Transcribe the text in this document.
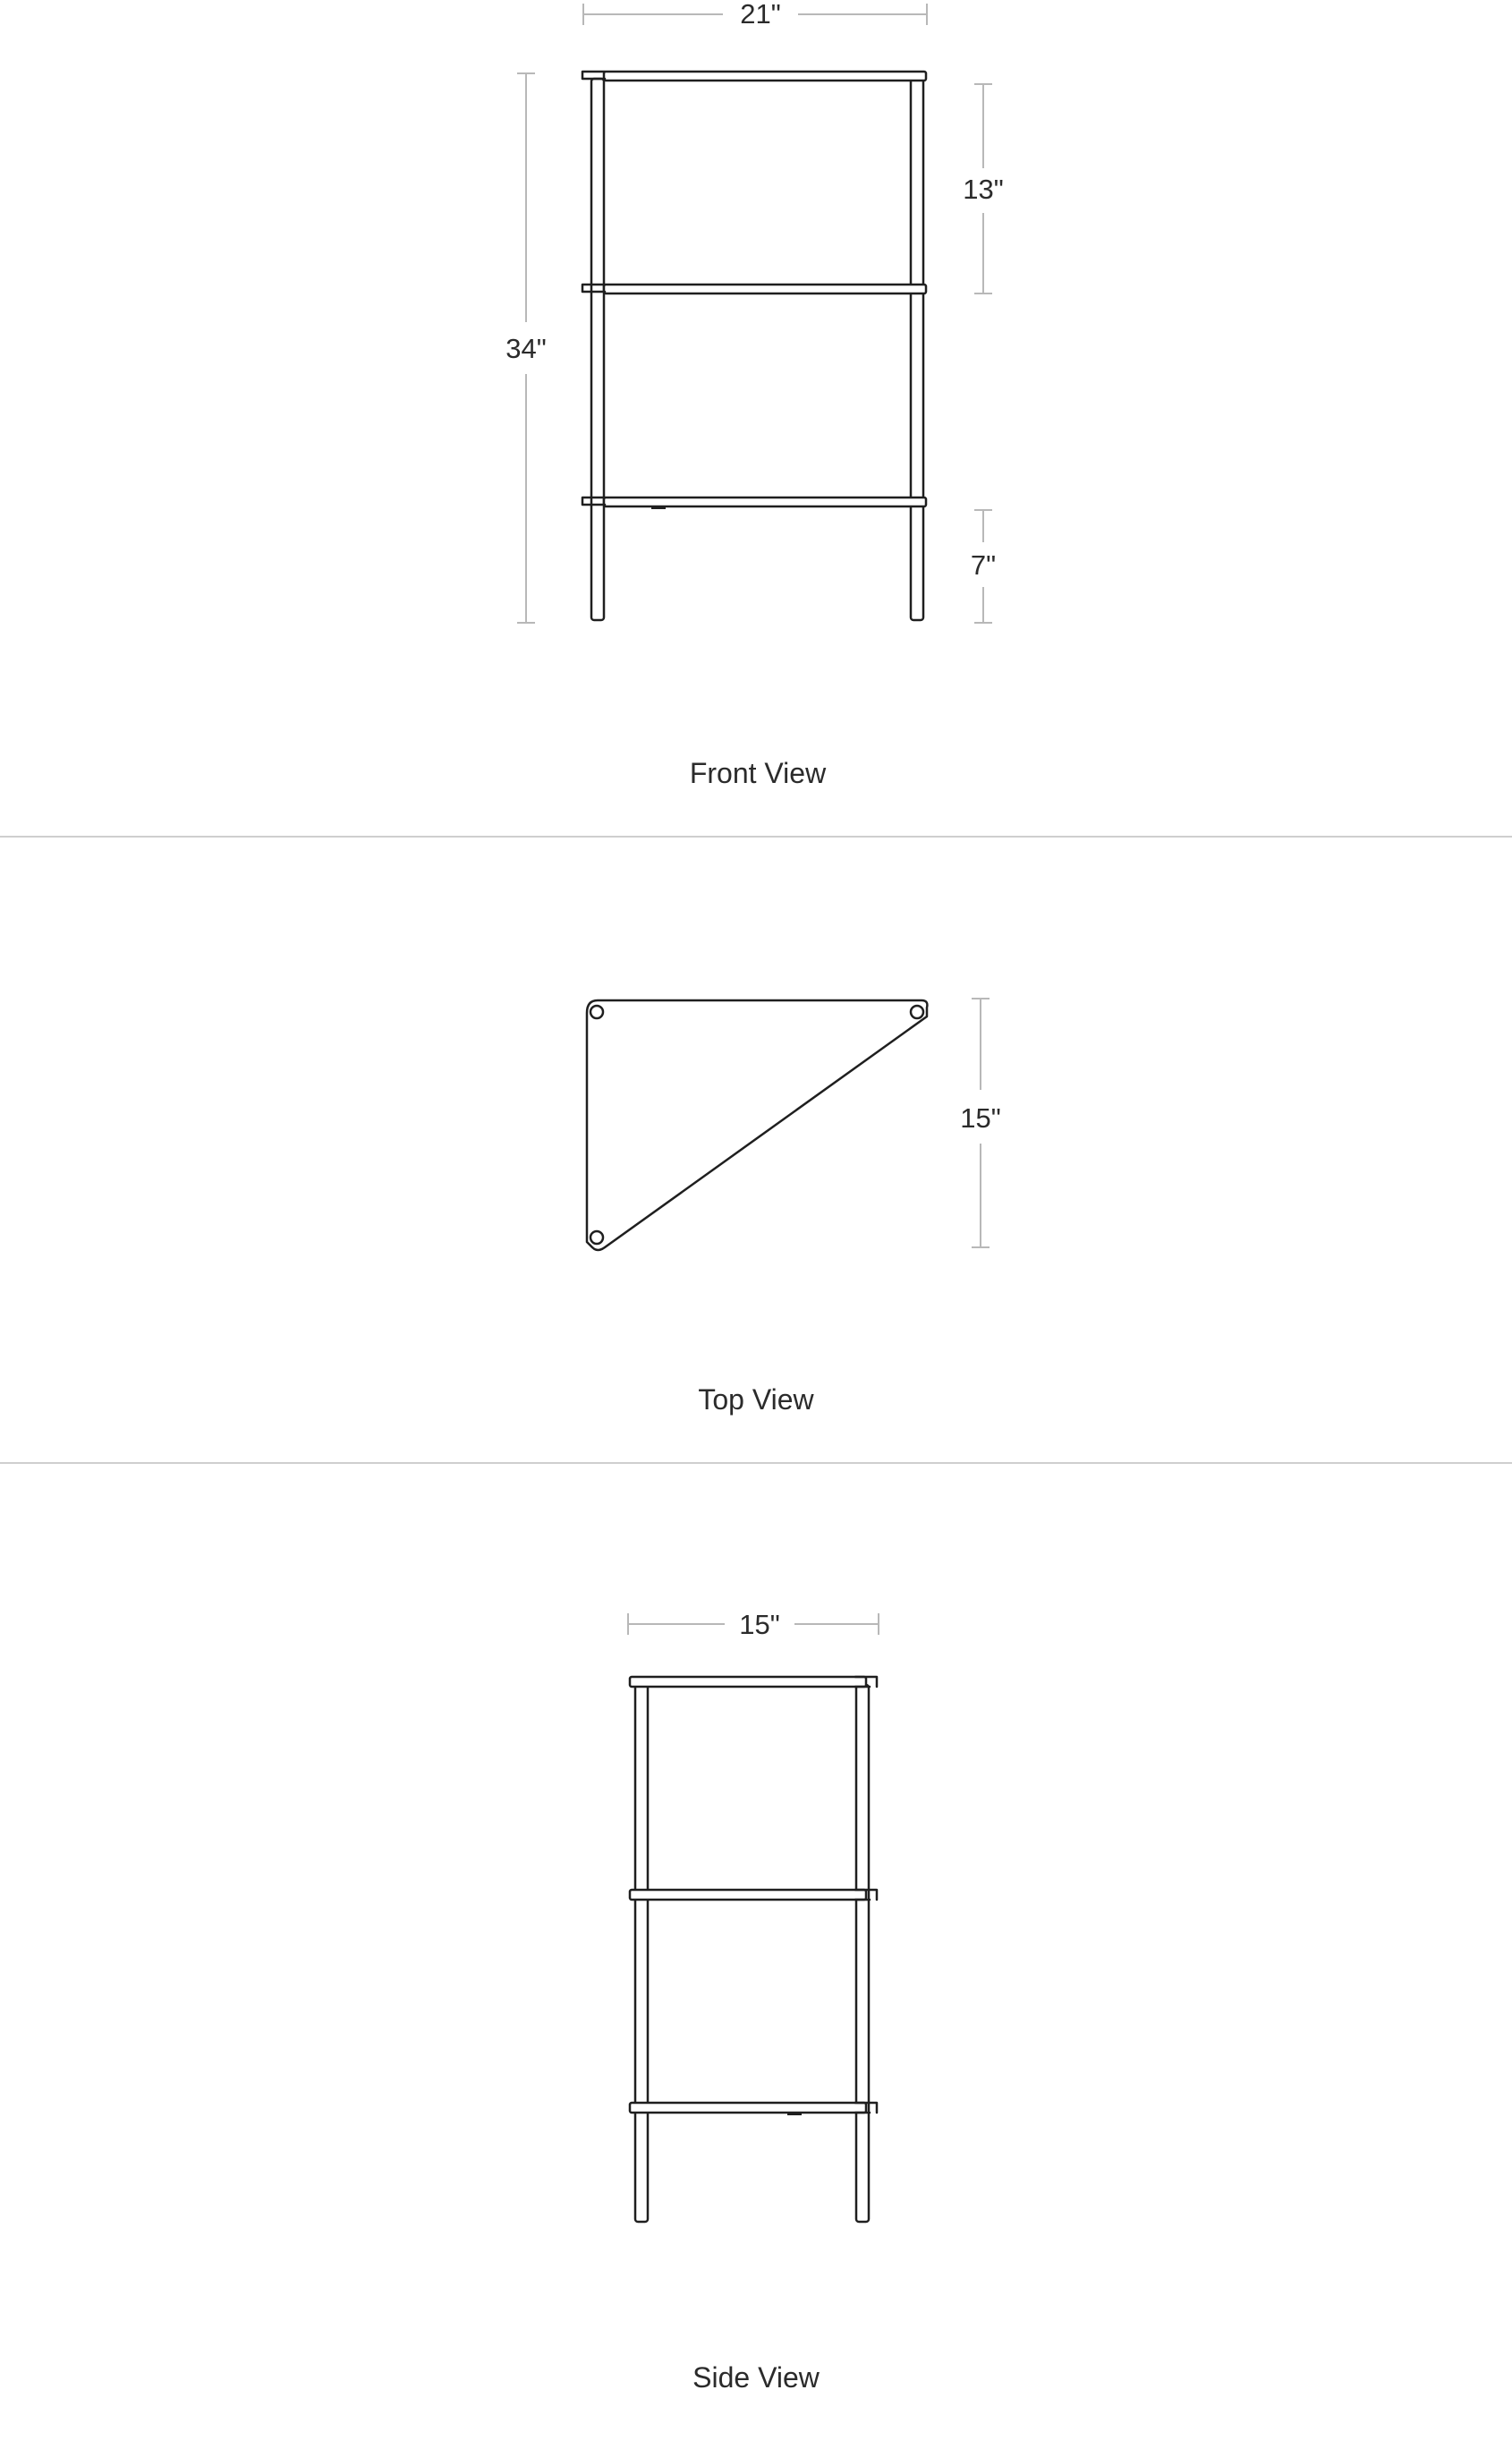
21"
34"
13"
7"
Front View
15"
Top View
15"
Side View
